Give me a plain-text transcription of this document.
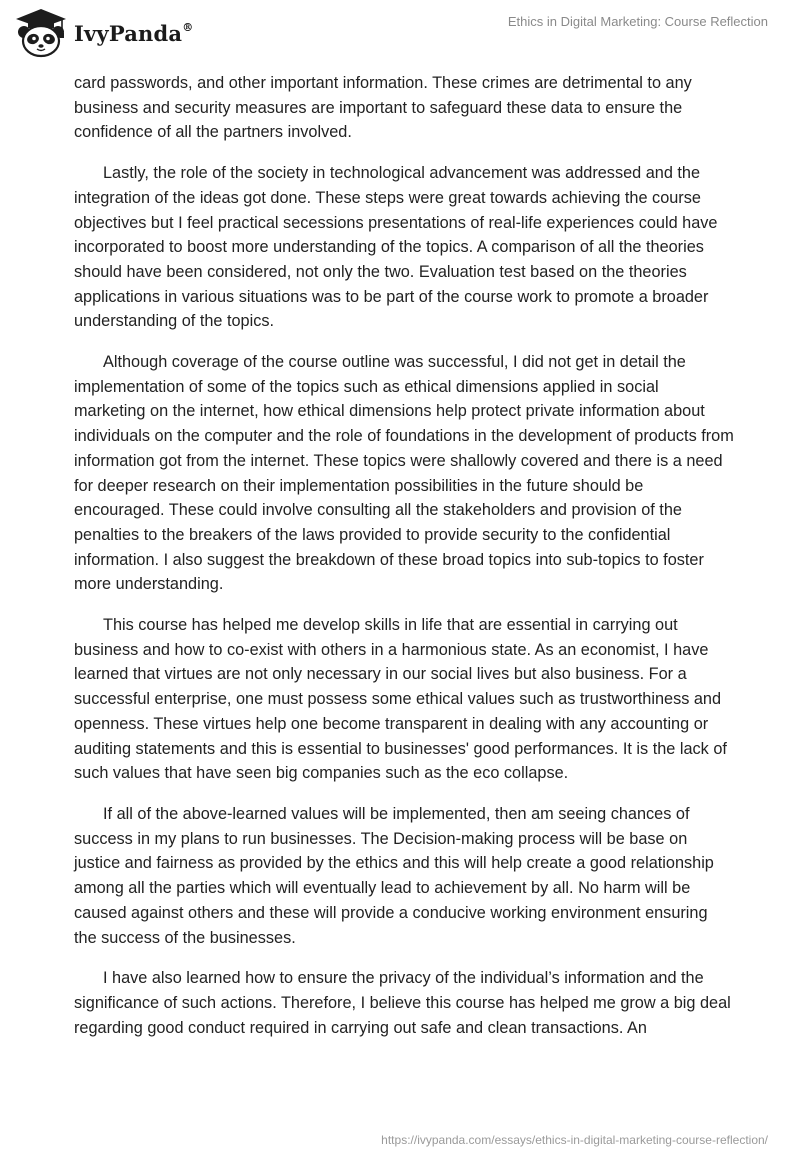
IvyPanda®	Ethics in Digital Marketing: Course Reflection

card passwords, and other important information. These crimes are detrimental to any business and security measures are important to safeguard these data to ensure the confidence of all the partners involved.

Lastly, the role of the society in technological advancement was addressed and the integration of the ideas got done. These steps were great towards achieving the course objectives but I feel practical secessions presentations of real-life experiences could have incorporated to boost more understanding of the topics. A comparison of all the theories should have been considered, not only the two. Evaluation test based on the theories applications in various situations was to be part of the course work to promote a broader understanding of the topics.

Although coverage of the course outline was successful, I did not get in detail the implementation of some of the topics such as ethical dimensions applied in social marketing on the internet, how ethical dimensions help protect private information about individuals on the computer and the role of foundations in the development of products from information got from the internet. These topics were shallowly covered and there is a need for deeper research on their implementation possibilities in the future should be encouraged. These could involve consulting all the stakeholders and provision of the penalties to the breakers of the laws provided to provide security to the confidential information. I also suggest the breakdown of these broad topics into sub-topics to foster more understanding.

This course has helped me develop skills in life that are essential in carrying out business and how to co-exist with others in a harmonious state. As an economist, I have learned that virtues are not only necessary in our social lives but also business. For a successful enterprise, one must possess some ethical values such as trustworthiness and openness. These virtues help one become transparent in dealing with any accounting or auditing statements and this is essential to businesses' good performances. It is the lack of such values that have seen big companies such as the eco collapse.

If all of the above-learned values will be implemented, then am seeing chances of success in my plans to run businesses. The Decision-making process will be base on justice and fairness as provided by the ethics and this will help create a good relationship among all the parties which will eventually lead to achievement by all. No harm will be caused against others and these will provide a conducive working environment ensuring the success of the businesses.

I have also learned how to ensure the privacy of the individual’s information and the significance of such actions. Therefore, I believe this course has helped me grow a big deal regarding good conduct required in carrying out safe and clean transactions. An

https://ivypanda.com/essays/ethics-in-digital-marketing-course-reflection/
